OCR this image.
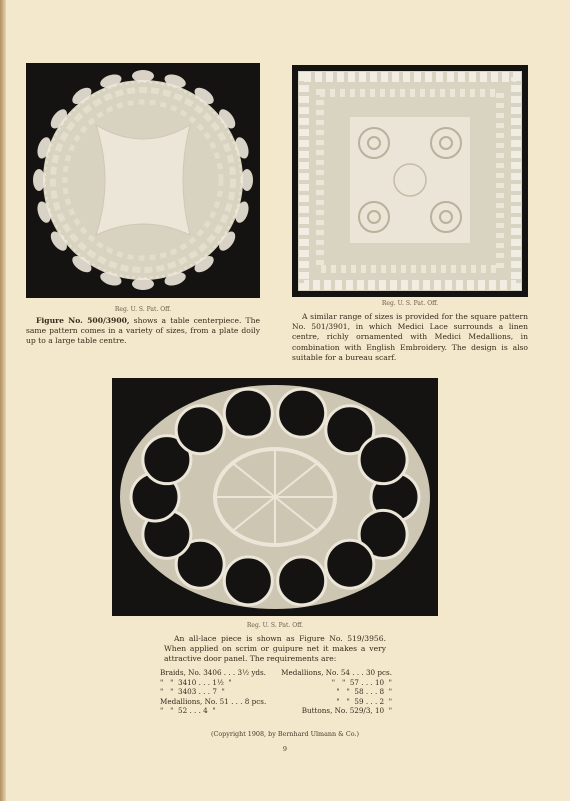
Reg. U. S. Pat. Off.
Figure No. 500/3900, shows a table centerpiece. The same pattern comes in a variety of sizes, from a plate doily up to a large table centre.
Reg. U. S. Pat. Off.
A similar range of sizes is provided for the square pattern No. 501/3901, in which Medici Lace surrounds a linen centre, richly ornamented with Medici Medallions, in combination with English Embroidery. The design is also suitable for a bureau scarf.
Reg. U. S. Pat. Off.
An all-lace piece is shown as Figure No. 519/3956. When applied on scrim or guipure net it makes a very attractive door panel. The requirements are:
Braids, No. 3406 . . . 3½ yds. Medallions, No. 54 . . . 30 pcs.
"   "  3410 . . . 1½  "	"   "  57 . . . 10  "
"   "  3403 . . . 7  "	"   "  58 . . . 8  "
Medallions, No. 51 . . . 8 pcs.	"   "  59 . . . 2  "
"   "  52 . . . 4  "	Buttons, No. 529/3, 10  "
(Copyright 1908, by Bernhard Ulmann & Co.)
9
